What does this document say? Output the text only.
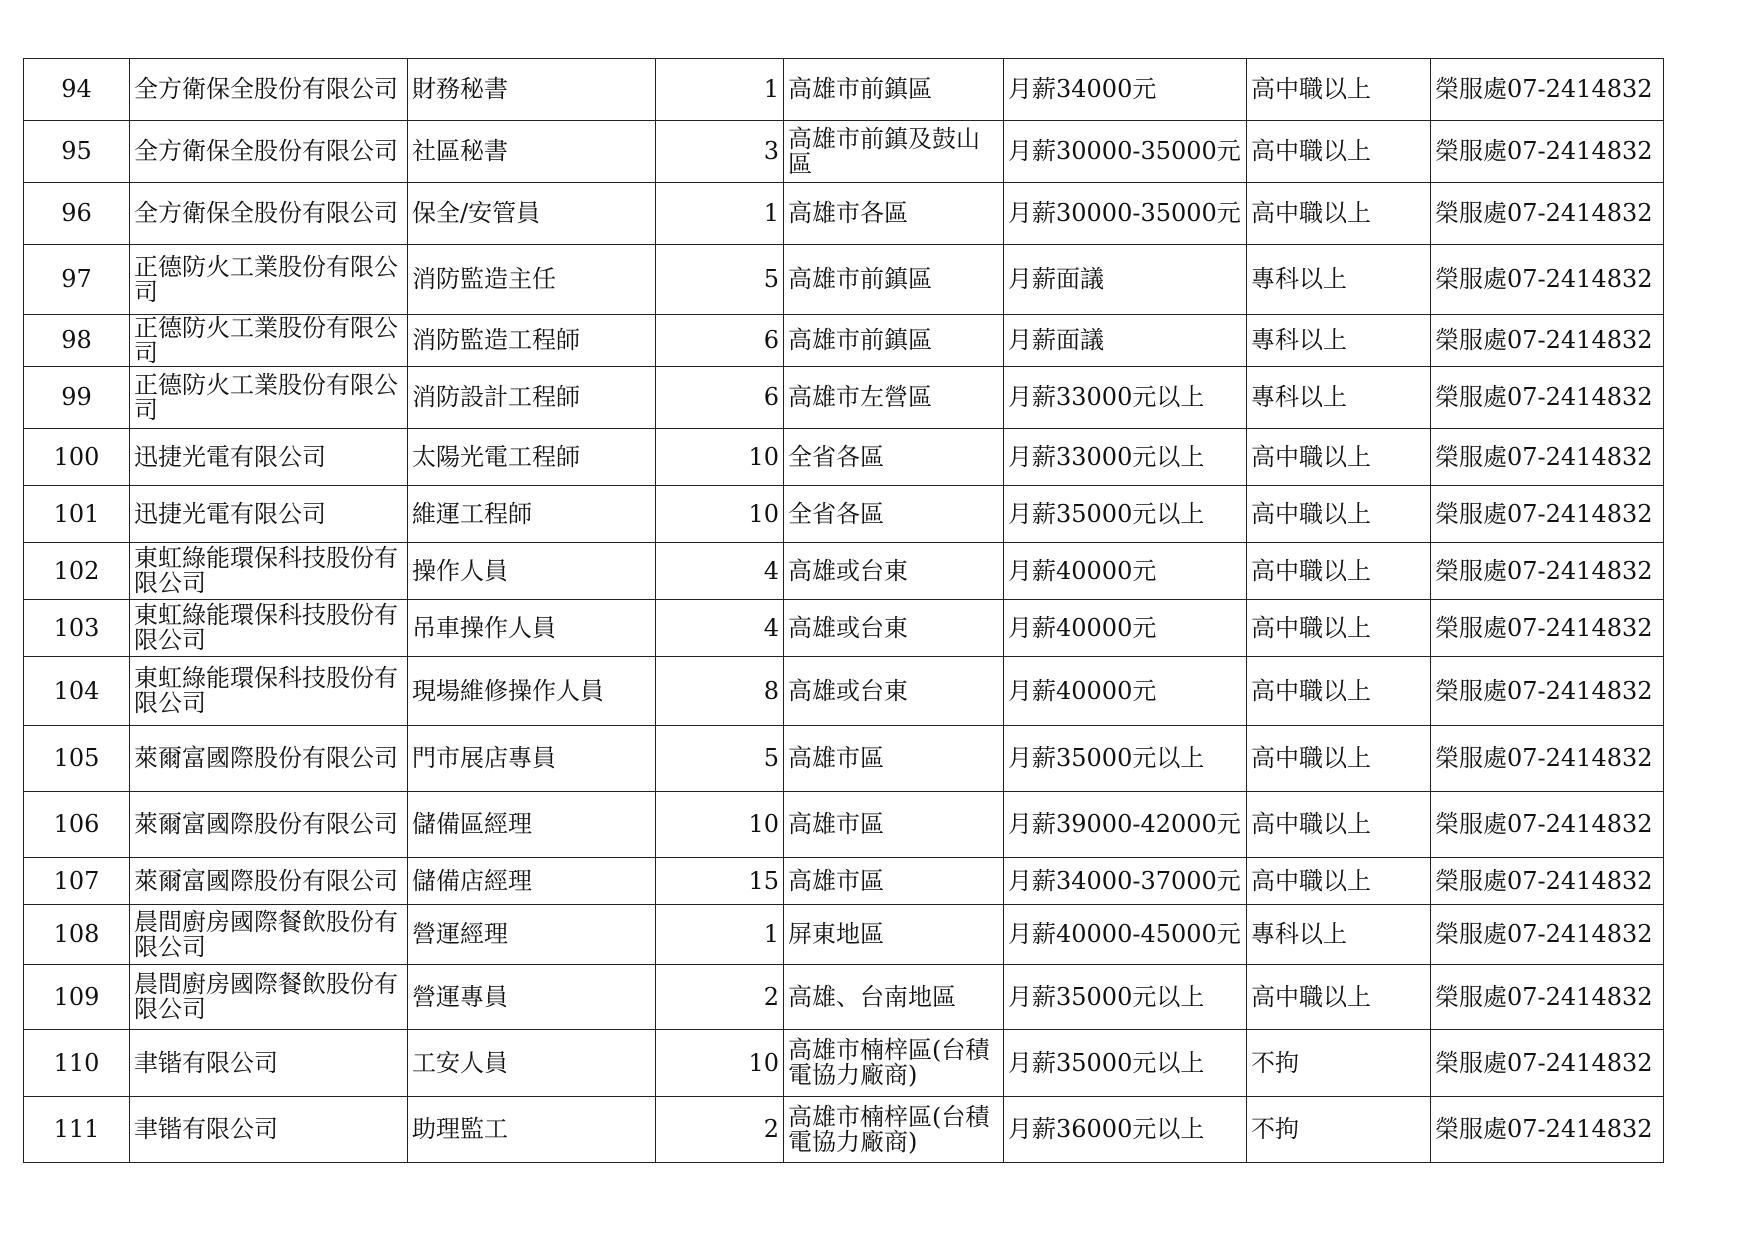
94	全方衛保全股份有限公司	財務秘書	1	高雄市前鎮區	月薪34000元	高中職以上	榮服處07-2414832
95	全方衛保全股份有限公司	社區秘書	3	高雄市前鎮及鼓山區	月薪30000-35000元	高中職以上	榮服處07-2414832
96	全方衛保全股份有限公司	保全/安管員	1	高雄市各區	月薪30000-35000元	高中職以上	榮服處07-2414832
97	正德防火工業股份有限公司	消防監造主任	5	高雄市前鎮區	月薪面議	專科以上	榮服處07-2414832
98	正德防火工業股份有限公司	消防監造工程師	6	高雄市前鎮區	月薪面議	專科以上	榮服處07-2414832
99	正德防火工業股份有限公司	消防設計工程師	6	高雄市左營區	月薪33000元以上	專科以上	榮服處07-2414832
100	迅捷光電有限公司	太陽光電工程師	10	全省各區	月薪33000元以上	高中職以上	榮服處07-2414832
101	迅捷光電有限公司	維運工程師	10	全省各區	月薪35000元以上	高中職以上	榮服處07-2414832
102	東虹綠能環保科技股份有限公司	操作人員	4	高雄或台東	月薪40000元	高中職以上	榮服處07-2414832
103	東虹綠能環保科技股份有限公司	吊車操作人員	4	高雄或台東	月薪40000元	高中職以上	榮服處07-2414832
104	東虹綠能環保科技股份有限公司	現場維修操作人員	8	高雄或台東	月薪40000元	高中職以上	榮服處07-2414832
105	萊爾富國際股份有限公司	門市展店專員	5	高雄市區	月薪35000元以上	高中職以上	榮服處07-2414832
106	萊爾富國際股份有限公司	儲備區經理	10	高雄市區	月薪39000-42000元	高中職以上	榮服處07-2414832
107	萊爾富國際股份有限公司	儲備店經理	15	高雄市區	月薪34000-37000元	高中職以上	榮服處07-2414832
108	晨間廚房國際餐飲股份有限公司	營運經理	1	屏東地區	月薪40000-45000元	專科以上	榮服處07-2414832
109	晨間廚房國際餐飲股份有限公司	營運專員	2	高雄、台南地區	月薪35000元以上	高中職以上	榮服處07-2414832
110	聿锴有限公司	工安人員	10	高雄市楠梓區(台積電協力廠商)	月薪35000元以上	不拘	榮服處07-2414832
111	聿锴有限公司	助理監工	2	高雄市楠梓區(台積電協力廠商)	月薪36000元以上	不拘	榮服處07-2414832
